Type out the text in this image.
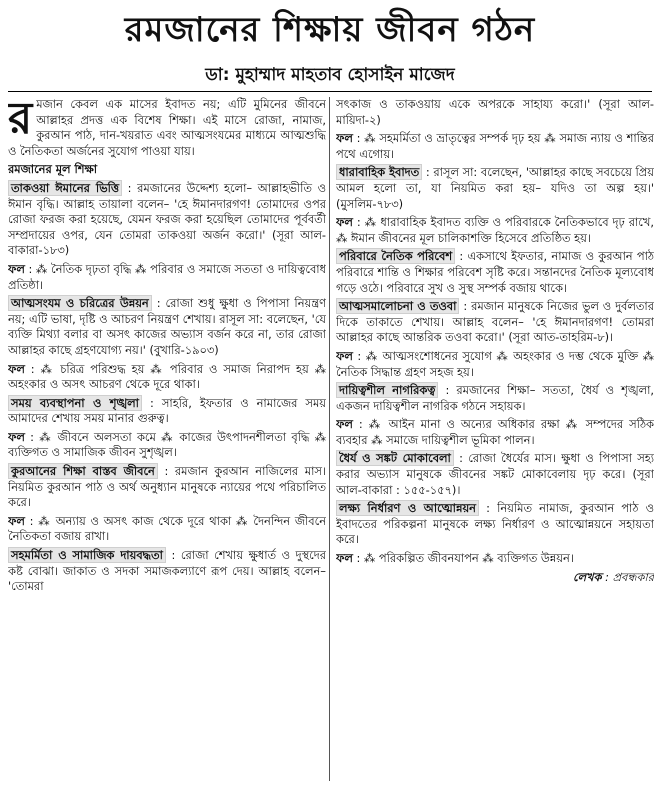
রমজানের শিক্ষায় জীবন গঠন
ডা: মুহাম্মাদ মাহতাব হোসাইন মাজেদ

রমজান কেবল এক মাসের ইবাদত নয়; এটি মুমিনের জীবনে আল্লাহর প্রদত্ত এক বিশেষ শিক্ষা। এই মাসে রোজা, নামাজ, কুরআন পাঠ, দান-খয়রাত এবং আত্মসংযমের মাধ্যমে আত্মশুদ্ধি ও নৈতিকতা অর্জনের সুযোগ পাওয়া যায়।

রমজানের মূল শিক্ষা

তাকওয়া ঈমানের ভিত্তি : রমজানের উদ্দেশ্য হলো– আল্লাহভীতি ও ঈমান বৃদ্ধি। আল্লাহ তায়ালা বলেন– 'হে ঈমানদারগণ! তোমাদের ওপর রোজা ফরজ করা হয়েছে, যেমন ফরজ করা হয়েছিল তোমাদের পূর্ববর্তী সম্প্রদায়ের ওপর, যেন তোমরা তাকওয়া অর্জন করো।' (সূরা আল-বাকারা-১৮৩)

ফল : ⁂ নৈতিক দৃঢ়তা বৃদ্ধি ⁂ পরিবার ও সমাজে সততা ও দায়িত্ববোধ প্রতিষ্ঠা।

আত্মসংযম ও চরিত্রের উন্নয়ন : রোজা শুধু ক্ষুধা ও পিপাসা নিয়ন্ত্রণ নয়; এটি ভাষা, দৃষ্টি ও আচরণ নিয়ন্ত্রণ শেখায়। রাসূল সা: বলেছেন, 'যে ব্যক্তি মিথ্যা বলার বা অসৎ কাজের অভ্যাস বর্জন করে না, তার রোজা আল্লাহর কাছে গ্রহণযোগ্য নয়।' (বুখারি-১৯০৩)

ফল : ⁂ চরিত্র পরিশুদ্ধ হয় ⁂ পরিবার ও সমাজ নিরাপদ হয় ⁂ অহংকার ও অসৎ আচরণ থেকে দূরে থাকা।

সময় ব্যবস্থাপনা ও শৃঙ্খলা : সাহরি, ইফতার ও নামাজের সময় আমাদের শেখায় সময় মানার গুরুত্ব।

ফল : ⁂ জীবনে অলসতা কমে ⁂ কাজের উৎপাদনশীলতা বৃদ্ধি ⁂ ব্যক্তিগত ও সামাজিক জীবন সুশৃঙ্খল।

কুরআনের শিক্ষা বাস্তব জীবনে : রমজান কুরআন নাজিলের মাস। নিয়মিত কুরআন পাঠ ও অর্থ অনুধ্যান মানুষকে ন্যায়ের পথে পরিচালিত করে।

ফল : ⁂ অন্যায় ও অসৎ কাজ থেকে দূরে থাকা ⁂ দৈনন্দিন জীবনে নৈতিকতা বজায় রাখা।

সহমর্মিতা ও সামাজিক দায়বদ্ধতা : রোজা শেখায় ক্ষুধার্ত ও দুস্থদের কষ্ট বোঝা। জাকাত ও সদকা সমাজকল্যাণে রূপ দেয়। আল্লাহ বলেন– 'তোমরা

সৎকাজ ও তাকওয়ায় একে অপরকে সাহায্য করো।' (সূরা আল-মায়িদা-২)

ফল : ⁂ সহমর্মিতা ও ভ্রাতৃত্বের সম্পর্ক দৃঢ় হয় ⁂ সমাজ ন্যায় ও শান্তির পথে এগোয়।

ধারাবাহিক ইবাদত : রাসূল সা: বলেছেন, 'আল্লাহর কাছে সবচেয়ে প্রিয় আমল হলো তা, যা নিয়মিত করা হয়– যদিও তা অল্প হয়।' (মুসলিম-৭৮৩)

ফল : ⁂ ধারাবাহিক ইবাদত ব্যক্তি ও পরিবারকে নৈতিকভাবে দৃঢ় রাখে, ⁂ ঈমান জীবনের মূল চালিকাশক্তি হিসেবে প্রতিষ্ঠিত হয়।

পরিবারে নৈতিক পরিবেশ : একসাথে ইফতার, নামাজ ও কুরআন পাঠ পরিবারে শান্তি ও শিক্ষার পরিবেশ সৃষ্টি করে। সন্তানদের নৈতিক মূল্যবোধ গড়ে ওঠে। পরিবারে সুখ ও সুস্থ সম্পর্ক বজায় থাকে।

আত্মসমালোচনা ও তওবা : রমজান মানুষকে নিজের ভুল ও দুর্বলতার দিকে তাকাতে শেখায়। আল্লাহ বলেন– 'হে ঈমানদারগণ! তোমরা আল্লাহর কাছে আন্তরিক তওবা করো।' (সূরা আত-তাহরিম-৮)।

ফল : ⁂ আত্মসংশোধনের সুযোগ ⁂ অহংকার ও দম্ভ থেকে মুক্তি ⁂ নৈতিক সিদ্ধান্ত গ্রহণ সহজ হয়।

দায়িত্বশীল নাগরিকত্ব : রমজানের শিক্ষা– সততা, ধৈর্য ও শৃঙ্খলা, একজন দায়িত্বশীল নাগরিক গঠনে সহায়ক।

ফল : ⁂ আইন মানা ও অন্যের অধিকার রক্ষা ⁂ সম্পদের সঠিক ব্যবহার ⁂ সমাজে দায়িত্বশীল ভূমিকা পালন।

ধৈর্য ও সঙ্কট মোকাবেলা : রোজা ধৈর্যের মাস। ক্ষুধা ও পিপাসা সহ্য করার অভ্যাস মানুষকে জীবনের সঙ্কট মোকাবেলায় দৃঢ় করে। (সূরা আল-বাকারা : ১৫৫-১৫৭)।

লক্ষ্য নির্ধারণ ও আত্মোন্নয়ন : নিয়মিত নামাজ, কুরআন পাঠ ও ইবাদতের পরিকল্পনা মানুষকে লক্ষ্য নির্ধারণ ও আত্মোন্নয়নে সহায়তা করে।

ফল : ⁂ পরিকল্পিত জীবনযাপন ⁂ ব্যক্তিগত উন্নয়ন।

লেখক : প্রবন্ধকার
